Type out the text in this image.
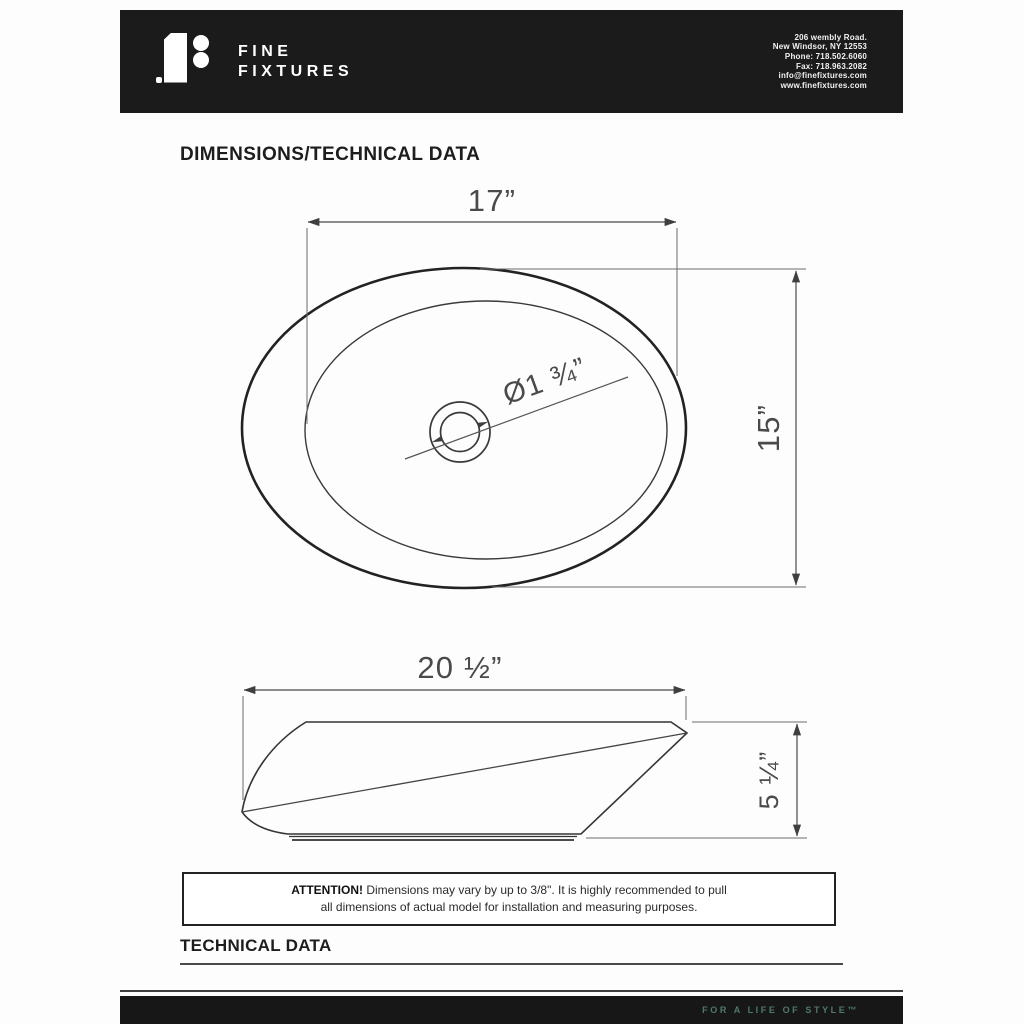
FINE
FIXTURES
206 wembly Road.
New Windsor, NY 12553
Phone: 718.502.6060
Fax: 718.963.2082
info@finefixtures.com
www.finefixtures.com
DIMENSIONS/TECHNICAL DATA
Ø1 ¾”
17”
15”
20 ½”
5 ¼”
ATTENTION! Dimensions may vary by up to 3/8". It is highly recommended to pull
all dimensions of actual model for installation and measuring purposes.
TECHNICAL DATA
FOR A LIFE OF STYLE™
